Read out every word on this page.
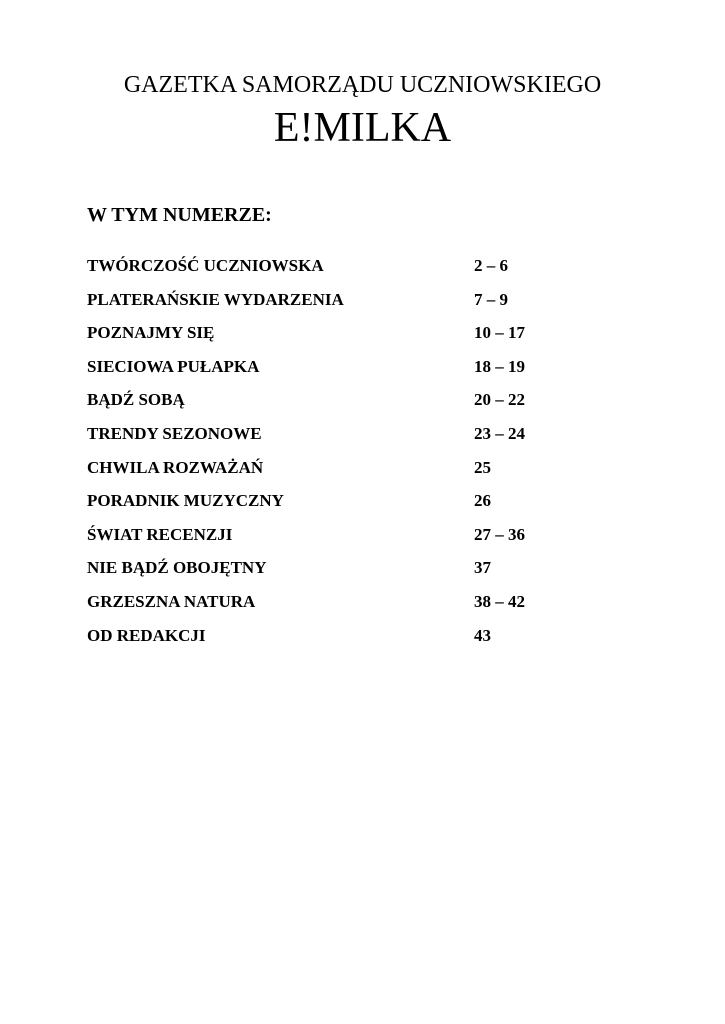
GAZETKA SAMORZĄDU UCZNIOWSKIEGO
E!MILKA
W TYM NUMERZE:
TWÓRCZOŚĆ UCZNIOWSKA	2 – 6
PLATERAŃSKIE WYDARZENIA	7 – 9
POZNAJMY SIĘ	10 – 17
SIECIOWA PUŁAPKA	18 – 19
BĄDŹ SOBĄ	20 – 22
TRENDY SEZONOWE	23 – 24
CHWILA ROZWAŻAŃ	25
PORADNIK MUZYCZNY	26
ŚWIAT RECENZJI	27 – 36
NIE BĄDŹ OBOJĘTNY	37
GRZESZNA NATURA	38 – 42
OD REDAKCJI	43
